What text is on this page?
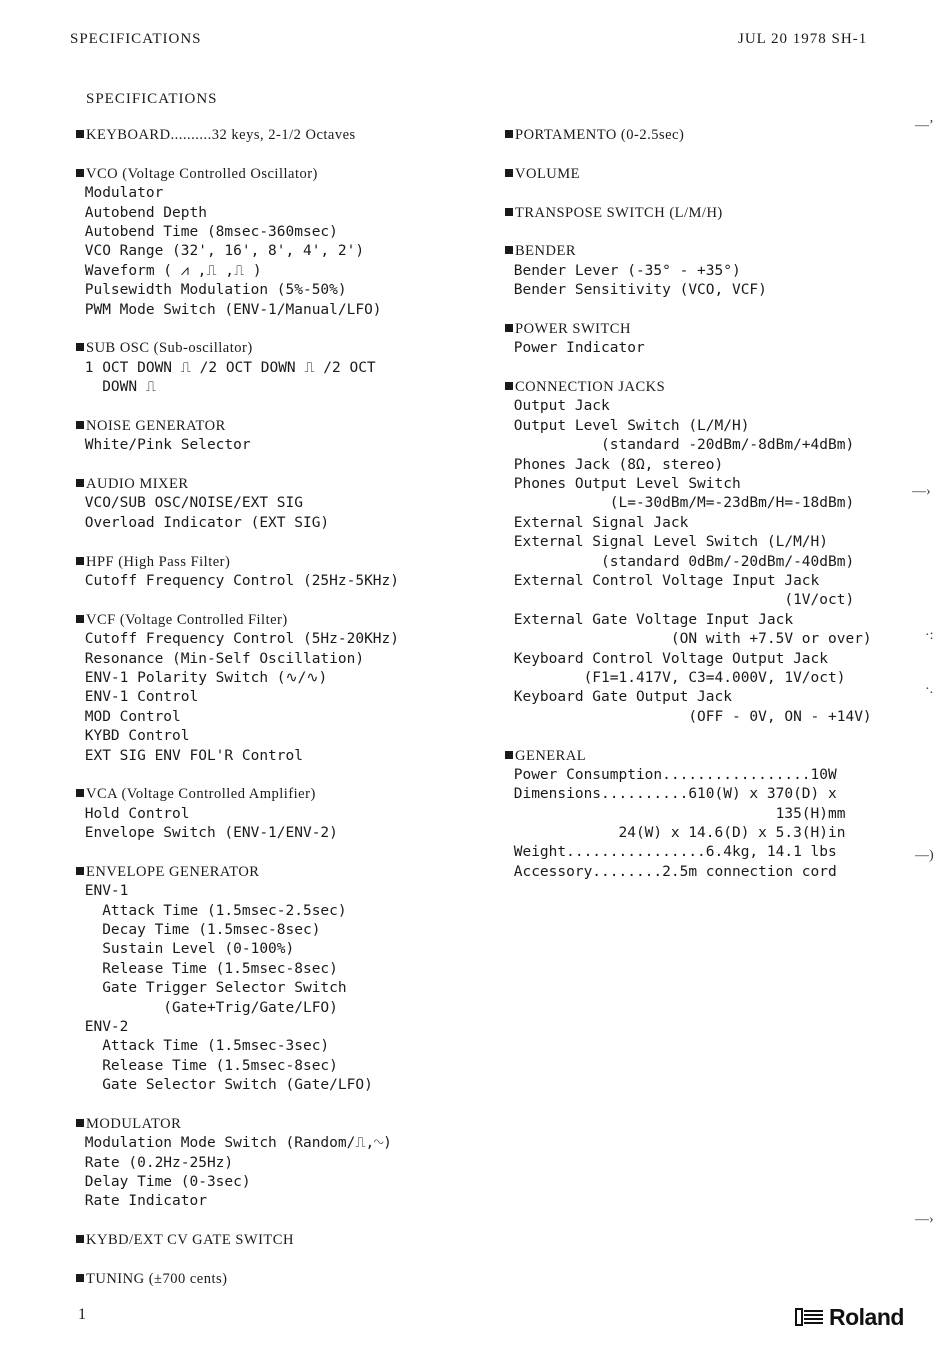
SPECIFICATIONS	JUL 20 1978 SH-1
SPECIFICATIONS
KEYBOARD..........32 keys, 2-1/2 Octaves
VCO (Voltage Controlled Oscillator)
Modulator
Autobend Depth
Autobend Time (8msec-360msec)
VCO Range (32', 16', 8', 4', 2')
Waveform ( ⩘ ,⎍ ,⎍ )
Pulsewidth Modulation (5%-50%)
PWM Mode Switch (ENV-1/Manual/LFO)
SUB OSC (Sub-oscillator)
1 OCT DOWN ⎍ /2 OCT DOWN ⎍ /2 OCT
DOWN ⎍
NOISE GENERATOR
White/Pink Selector
AUDIO MIXER
VCO/SUB OSC/NOISE/EXT SIG
Overload Indicator (EXT SIG)
HPF (High Pass Filter)
Cutoff Frequency Control (25Hz-5KHz)
VCF (Voltage Controlled Filter)
Cutoff Frequency Control (5Hz-20KHz)
Resonance (Min-Self Oscillation)
ENV-1 Polarity Switch (∿/∿)
ENV-1 Control
MOD Control
KYBD Control
EXT SIG ENV FOL'R Control
VCA (Voltage Controlled Amplifier)
Hold Control
Envelope Switch (ENV-1/ENV-2)
ENVELOPE GENERATOR
ENV-1
Attack Time (1.5msec-2.5sec)
Decay Time (1.5msec-8sec)
Sustain Level (0-100%)
Release Time (1.5msec-8sec)
Gate Trigger Selector Switch
(Gate+Trig/Gate/LFO)
ENV-2
Attack Time (1.5msec-3sec)
Release Time (1.5msec-8sec)
Gate Selector Switch (Gate/LFO)
MODULATOR
Modulation Mode Switch (Random/⎍,∿)
Rate (0.2Hz-25Hz)
Delay Time (0-3sec)
Rate Indicator
KYBD/EXT CV GATE SWITCH
TUNING (±700 cents)
PORTAMENTO (0-2.5sec)
VOLUME
TRANSPOSE SWITCH (L/M/H)
BENDER
Bender Lever (-35° - +35°)
Bender Sensitivity (VCO, VCF)
POWER SWITCH
Power Indicator
CONNECTION JACKS
Output Jack
Output Level Switch (L/M/H)
(standard -20dBm/-8dBm/+4dBm)
Phones Jack (8Ω, stereo)
Phones Output Level Switch
(L=-30dBm/M=-23dBm/H=-18dBm)
External Signal Jack
External Signal Level Switch (L/M/H)
(standard 0dBm/-20dBm/-40dBm)
External Control Voltage Input Jack
(1V/oct)
External Gate Voltage Input Jack
(ON with +7.5V or over)
Keyboard Control Voltage Output Jack
(F1=1.417V, C3=4.000V, 1V/oct)
Keyboard Gate Output Jack
(OFF - 0V, ON - +14V)
GENERAL
Power Consumption.................10W
Dimensions..........610(W) x 370(D) x
135(H)mm
24(W) x 14.6(D) x 5.3(H)in
Weight................6.4kg, 14.1 lbs
Accessory........2.5m connection cord
—’
—›
·:
·.
—)
—›
1	Roland
